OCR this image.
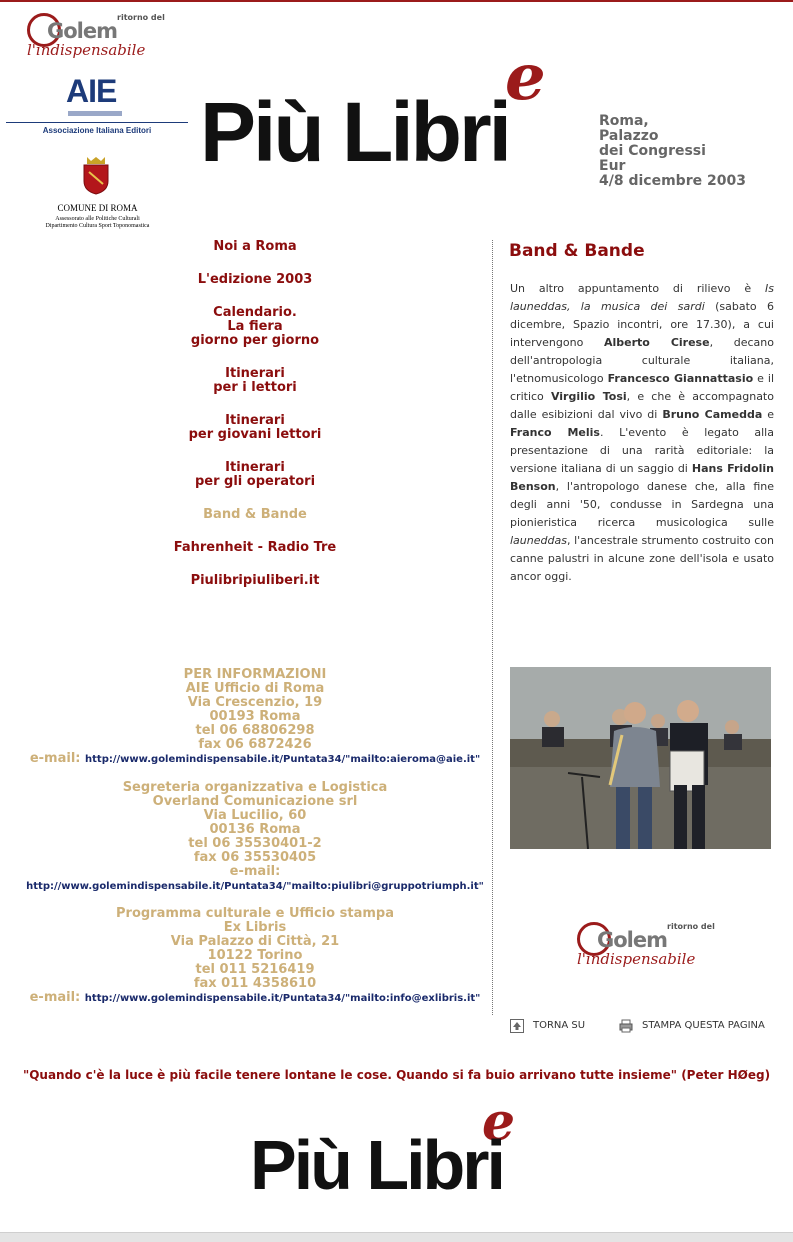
Golem
ritorno del
l'indispensabile
AIE
Associazione Italiana Editori
COMUNE DI ROMA
Assessorato alle Politiche Culturali
Dipartimento Cultura Sport Toponomastica
e
Più Libri	Roma,
Palazzo
dei Congressi
Eur
4/8 dicembre 2003
Noi a Roma
L'edizione 2003
Calendario.
La fiera
giorno per giorno
Itinerari
per i lettori
Itinerari
per giovani lettori
Itinerari
per gli operatori
Band & Bande
Fahrenheit - Radio Tre
Piulibripiuliberi.it
PER INFORMAZIONI
AIE Ufficio di Roma
Via Crescenzio, 19
00193 Roma
tel 06 68806298
fax 06 6872426
e-mail: http://www.golemindispensabile.it/Puntata34/"mailto:aieroma@aie.it"
Segreteria organizzativa e Logistica
Overland Comunicazione srl
Via Lucilio, 60
00136 Roma
tel 06 35530401-2
fax 06 35530405
e-mail:
http://www.golemindispensabile.it/Puntata34/"mailto:piulibri@gruppotriumph.it"
Programma culturale e Ufficio stampa
Ex Libris
Via Palazzo di Città, 21
10122 Torino
tel 011 5216419
fax 011 4358610
e-mail: http://www.golemindispensabile.it/Puntata34/"mailto:info@exlibris.it"
Band & Bande
Un altro appuntamento di rilievo è Is launeddas, la musica dei sardi (sabato 6 dicembre, Spazio incontri, ore 17.30), a cui intervengono Alberto Cirese, decano dell'antropologia culturale italiana, l'etnomusicologo Francesco Giannattasio e il critico Virgilio Tosi, e che è accompagnato dalle esibizioni dal vivo di Bruno Camedda e Franco Melis. L'evento è legato alla presentazione di una rarità editoriale: la versione italiana di un saggio di Hans Fridolin Benson, l'antropologo danese che, alla fine degli anni '50, condusse in Sardegna una pionieristica ricerca musicologica sulle launeddas, l'ancestrale strumento costruito con canne palustri in alcune zone dell'isola e usato ancor oggi.
Golem
ritorno del
l'indispensabile
TORNA SU	STAMPA QUESTA PAGINA
"Quando c'è la luce è più facile tenere lontane le cose. Quando si fa buio arrivano tutte insieme" (Peter HØeg)
e
Più Libri
